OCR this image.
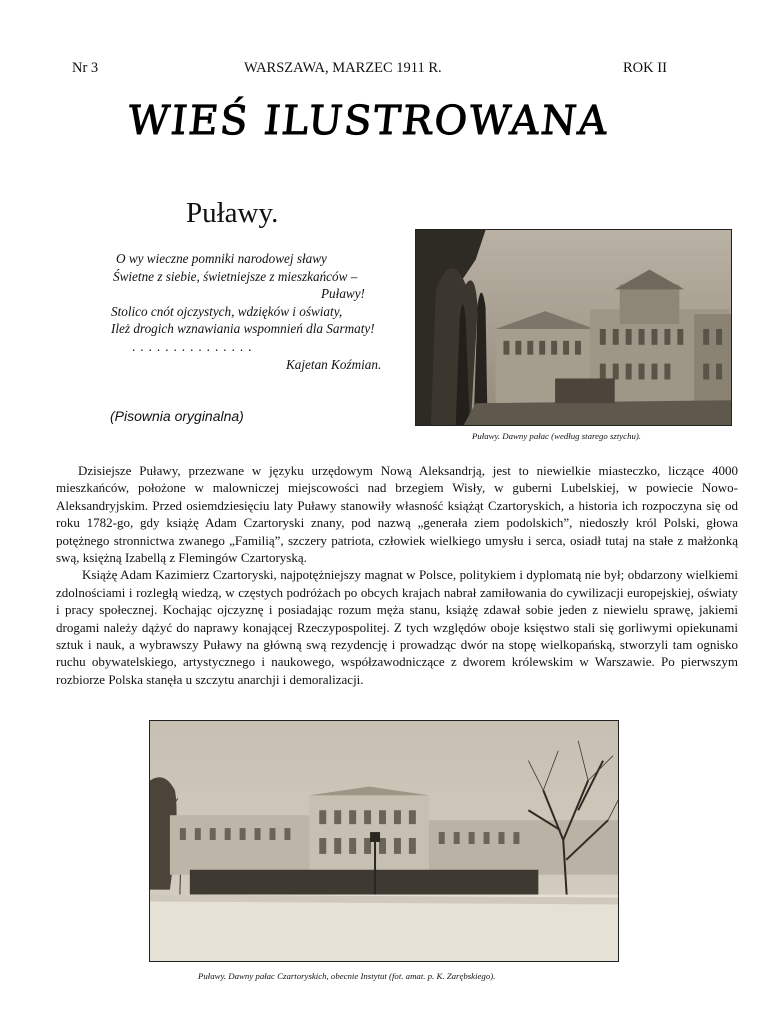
Nr 3	WARSZAWA, MARZEC 1911 R.	ROK II
WIEŚ ILUSTROWANA
Puławy.
O wy wieczne pomniki narodowej sławy
Świetne z siebie, świetniejsze z mieszkańców –
Puławy!
Stolico cnót ojczystych, wdzięków i oświaty,
Ileż drogich wznawiania wspomnień dla Sarmaty!
...............
Kajetan Koźmian.
(Pisownia oryginalna)
Puławy. Dawny pałac (według starego sztychu).

Dzisiejsze Puławy, przezwane w języku urzędowym Nową Aleksandrją, jest to niewielkie miasteczko, liczące 4000 mieszkańców, położone w malowniczej miejscowości nad brzegiem Wisły, w guberni Lubelskiej, w powiecie Nowo-Aleksandryjskim. Przed osiemdziesięciu laty Puławy stanowiły własność książąt Czartoryskich, a historia ich rozpoczyna się od roku 1782-go, gdy książę Adam Czartoryski znany, pod nazwą „generała ziem podolskich”, niedoszły król Polski, głowa potężnego stronnictwa zwanego „Familią”, szczery patriota, człowiek wielkiego umysłu i serca, osiadł tutaj na stałe z małżonką swą, księżną Izabellą z Flemingów Czartoryską.

Książę Adam Kazimierz Czartoryski, najpotężniejszy magnat w Polsce, politykiem i dyplomatą nie był; obdarzony wielkiemi zdolnościami i rozległą wiedzą, w częstych podróżach po obcych krajach nabrał zamiłowania do cywilizacji europejskiej, oświaty i pracy społecznej. Kochając ojczyznę i posiadając rozum męża stanu, książę zdawał sobie jeden z niewielu sprawę, jakiemi drogami należy dążyć do naprawy konającej Rzeczypospolitej. Z tych względów oboje księstwo stali się gorliwymi opiekunami sztuk i nauk, a wybrawszy Puławy na główną swą rezydencję i prowadząc dwór na stopę wielkopańską, stworzyli tam ognisko ruchu obywatelskiego, artystycznego i naukowego, współzawodniczące z dworem królewskim w Warszawie. Po pierwszym rozbiorze Polska stanęła u szczytu anarchji i demoralizacji.

Puławy. Dawny pałac Czartoryskich, obecnie Instytut (fot. amat. p. K. Zarębskiego).
